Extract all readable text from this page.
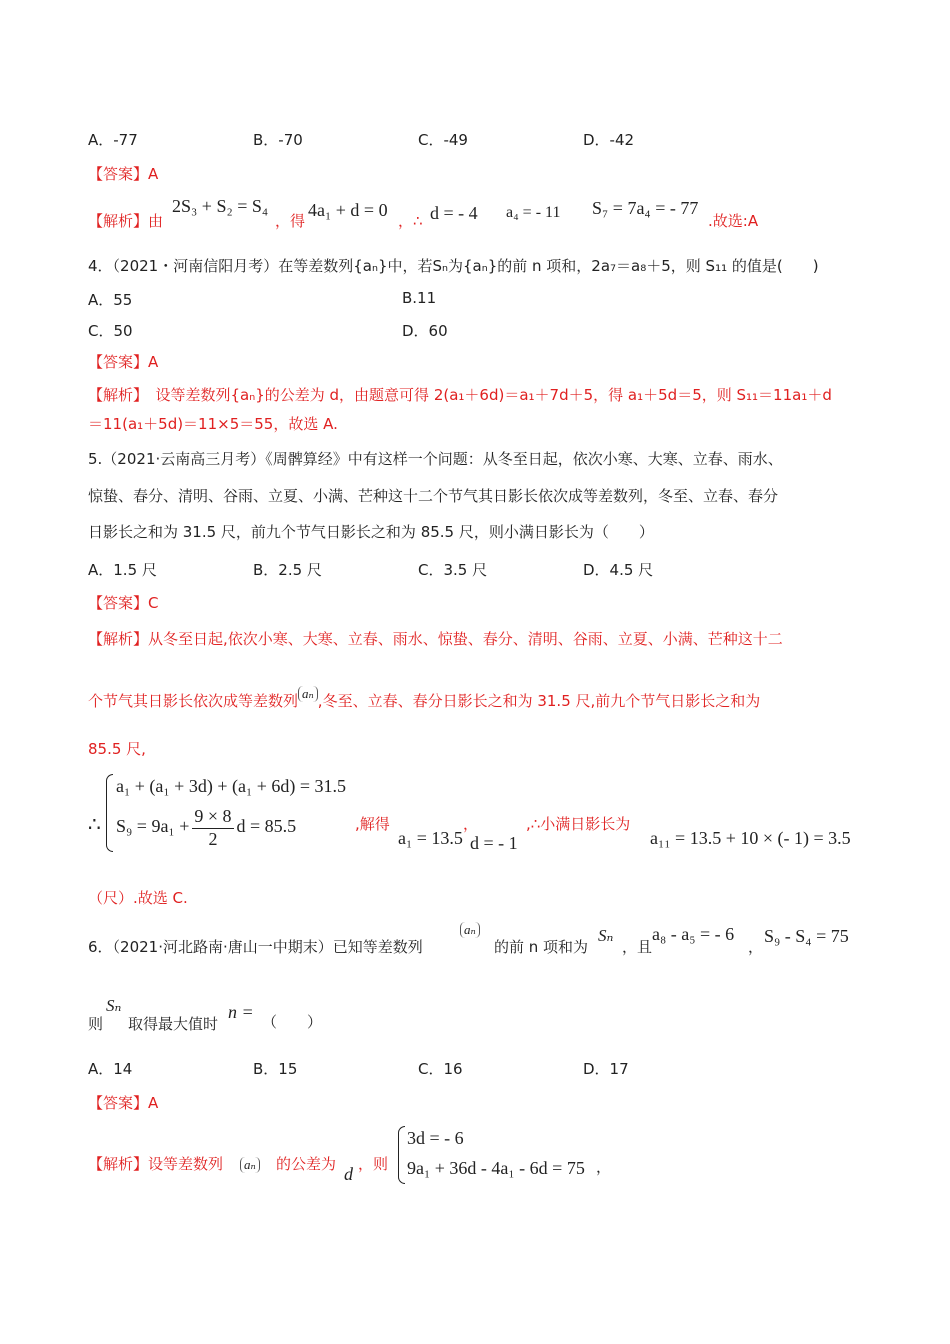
A．-77	B．-70	C．-49	D．-42
【答案】A
【解析】由
2S₃ + S₂ = S₄
，得
4a₁ + d = 0
，∴ d = - 4 a₄ = - 11 S₇ = 7a₄ = - 77
.故选:A
4．（2021・河南信阳月考）在等差数列{aₙ}中，若Sₙ为{aₙ}的前 n 项和，2a₇＝a₈＋5，则 S₁₁ 的值是(　　)
A．55	B.11
C．50	D．60
【答案】A
【解析】　设等差数列{aₙ}的公差为 d，由题意可得 2(a₁＋6d)＝a₁＋7d＋5，得 a₁＋5d＝5，则 S₁₁＝11a₁＋d
＝11(a₁＋5d)＝11×5＝55，故选 A.
5.（2021·云南高三月考）《周髀算经》中有这样一个问题：从冬至日起，依次小寒、大寒、立春、雨水、
惊蛰、春分、清明、谷雨、立夏、小满、芒种这十二个节气其日影长依次成等差数列，冬至、立春、春分
日影长之和为 31.5 尺，前九个节气日影长之和为 85.5 尺，则小满日影长为（　　）
A．1.5 尺	B．2.5 尺	C．3.5 尺	D．4.5 尺
【答案】C
【解析】从冬至日起,依次小寒、大寒、立春、雨水、惊蛰、春分、清明、谷雨、立夏、小满、芒种这十二
个节气其日影长依次成等差数列 aₙ ,冬至、立春、春分日影长之和为 31.5 尺,前九个节气日影长之和为
85.5 尺,
∴
a₁ + (a₁ + 3d) + (a₁ + 6d) = 31.5
$S_9 = 9a_1 + \frac{9 \times 8}{2}$ d = 85.5	,解得
a₁ = 13.5
，
d = - 1
,∴小满日影长为
a₁₁ = 13.5 + 10 × (- 1) = 3.5
（尺）.故选 C.
6．（2021·河北路南·唐山一中期末）已知等差数列
aₙ
的前 n 项和为
Sₙ
，且
a₈ - a₅ = - 6
，
S₉ - S₄ = 75
则
Sₙ
取得最大值时
n = （　　）
A．14	B．15	C．16	D．17
【答案】A
【解析】设等差数列	aₙ 的公差为 d ，则
3d = - 6
9a₁ + 36d - 4a₁ - 6d = 75 ，
